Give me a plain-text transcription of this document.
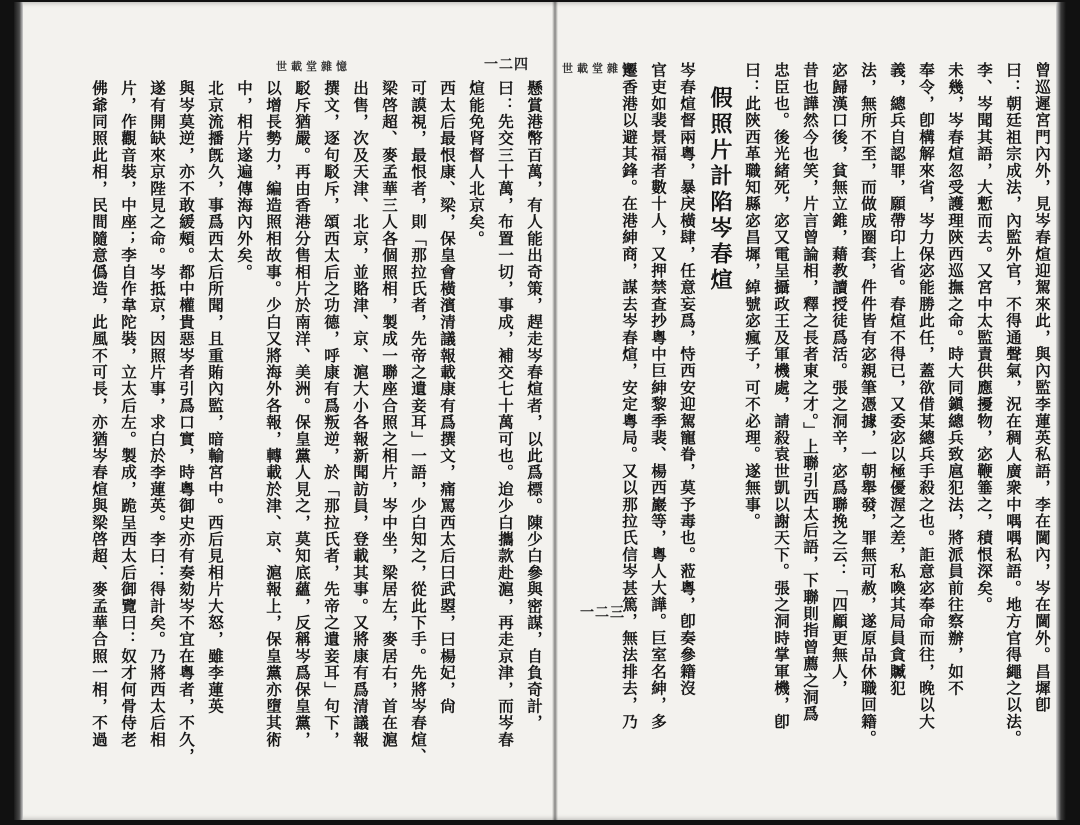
世載堂雜憶	一二四
懸賞港幣百萬，有人能出奇策，趕走岑春煊者，以此爲標。陳少白參與密謀，自負奇計，
曰：先交三十萬，布置一切，事成，補交七十萬可也。迨少白攜款赴滬，再走京津，而岑春
煊能免肾督人北京矣。
西太后最恨康、梁，保皇會橫濱清議報載康有爲撰文，痛罵西太后曰武曌，曰楊妃，尙
可謨視，最恨者，則「那拉氏者，先帝之遺妾耳」一語，少白知之，從此下手。先將岑春煊、
梁啓超、麥孟華三人各個照相，製成一聯座合照之相片，岑中坐，梁居左，麥居右，首在滬
出售，次及天津、北京，並賂津、京、滬大小各報新聞訪員，登載其事。又將康有爲清議報
撰文，逐句駁斥，頌西太后之功德，呼康有爲叛逆，於「那拉氏者，先帝之遺妾耳」句下，
駁斥猶嚴。再由香港分售相片於南洋、美洲。保皇黨人見之，莫知底蘊，反稱岑爲保皇黨，
以增長勢力，編造照相故事。少白又將海外各報，轉載於津、京、滬報上，保皇黨亦墮其術
中，相片遂遍傳海內外矣。
北京流播旣久，事爲西太后所聞，且重賄內監，暗輸宮中。西后見相片大怒，雖李蓮英
與岑莫逆，亦不敢緩頰。都中權貴惡岑者引爲口實，時粵御史亦有奏劾岑不宜在粵者，不久，
遂有開缺來京陛見之命。岑抵京，因照片事，求白於李蓮英。李曰：得計矣。乃將西太后相
片，作觀音裝，中座；李自作韋陀裝，立太后左。製成，跪呈西太后御覽曰：奴才何骨侍老
佛爺同照此相，民間隨意僞造，此風不可長，亦猶岑春煊與梁啓超、麥孟華合照一相，不過
世載堂雜憶
一二三	曾巡遲宮門內外，見岑春煊迎駕來此，與內監李蓮英私語，李在閫內，岑在閫外。昌墀卽
曰：朝廷祖宗成法，內監外官，不得通聲氣，況在稠人廣衆中喁喁私語。地方官得繩之以法。
李、岑聞其語，大慙而去。又宮中太監責供應擾物，宓鞭箠之，積恨深矣。
未幾，岑春煊忽受護理陝西巡撫之命。時大同鎭總兵致扈犯法，將派員前往察辦，如不
奉令，卽構解來省，岑力保宓能勝此任，蓋欲借某總兵手殺之也。詎意宓奉命而往，晚以大
義，總兵自認罪，願帶印上省。春煊不得已，又委宓以極優渥之差，私喚其局員貪贓犯
法，無所不至，而做成圈套，件件皆有宓親筆憑據，一朝舉發，罪無可赦，遂原品休職回籍。
宓歸漢口後，貧無立錐，藉教讀授徒爲活。張之洞辛，宓爲聯挽之云：「四顧更無人，
昔也譁然今也笑，片言曾論相，釋之長者東之才。」上聯引西太后語，下聯則指曾薦之洞爲
忠臣也。後光緒死，宓又電呈攝政王及軍機處，請殺袁世凱以謝天下。張之洞時掌軍機，卽
曰：此陝西革職知縣宓昌墀，綽號宓瘋子，可不必理。遂無事。
假照片計陷岑春煊
岑春煊督兩粵，暴戾橫肆，任意妄爲，恃西安迎駕寵眷，莫予毒也。蒞粵，卽奏參籍沒
官吏如裴景福者數十人，又押禁查抄粵中巨紳黎季裴、楊西巖等，粵人大譁。巨室名紳，多
遷香港以避其鋒。在港紳商，謀去岑春煊，安定粵局。又以那拉氏信岑甚篤，無法排去，乃
